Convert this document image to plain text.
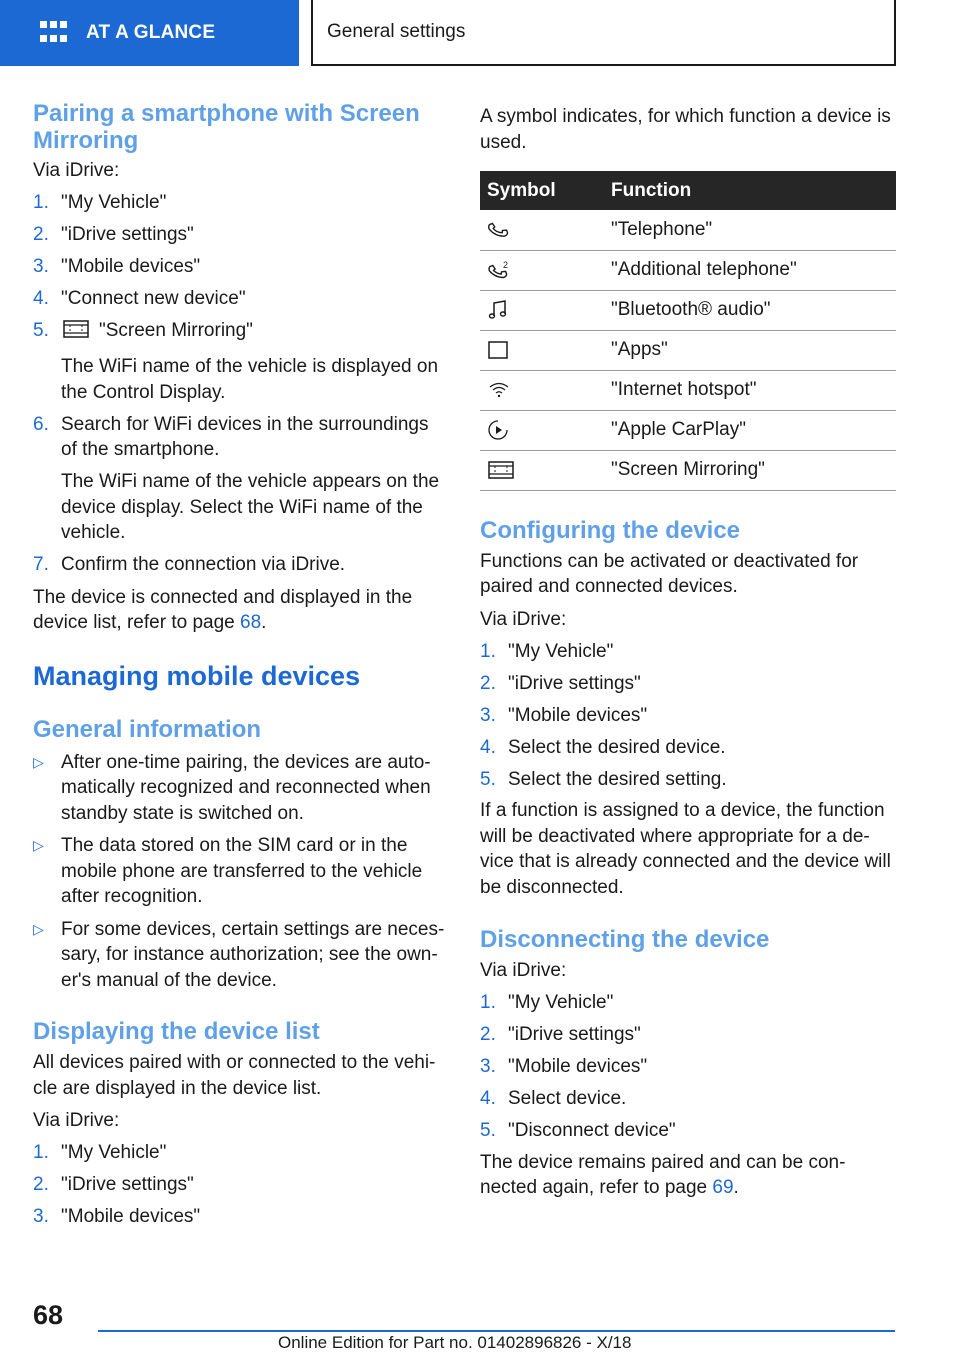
AT A GLANCE	General settings
Pairing a smartphone with Screen Mirroring

Via iDrive:

1. "My Vehicle"
2. "iDrive settings"
3. "Mobile devices"
4. "Connect new device"
5.	"Screen Mirroring"
The WiFi name of the vehicle is displayed on the Control Display.
6. Search for WiFi devices in the surroundings of the smartphone.
The WiFi name of the vehicle appears on the device display. Select the WiFi name of the vehicle.
7. Confirm the connection via iDrive.

The device is connected and displayed in the device list, refer to page 68.

Managing mobile devices
General information
▷ After one-time pairing, the devices are auto-matically recognized and reconnected when standby state is switched on.
▷ The data stored on the SIM card or in the mobile phone are transferred to the vehicle after recognition.
▷ For some devices, certain settings are neces-sary, for instance authorization; see the own-er's manual of the device.
Displaying the device list

All devices paired with or connected to the vehi-cle are displayed in the device list.

Via iDrive:

1. "My Vehicle"
2. "iDrive settings"
3. "Mobile devices"

A symbol indicates, for which function a device is used.

Symbol	Function

	"Telephone"

2	"Additional telephone"

	"Bluetooth® audio"

	"Apps"

	"Internet hotspot"

	"Apple CarPlay"

	"Screen Mirroring"
Configuring the device

Functions can be activated or deactivated for paired and connected devices.

Via iDrive:

1. "My Vehicle"
2. "iDrive settings"
3. "Mobile devices"
4. Select the desired device.
5. Select the desired setting.

If a function is assigned to a device, the function will be deactivated where appropriate for a de-vice that is already connected and the device will be disconnected.

Disconnecting the device

Via iDrive:

1. "My Vehicle"
2. "iDrive settings"
3. "Mobile devices"
4. Select device.
5. "Disconnect device"

The device remains paired and can be con-nected again, refer to page 69.

68
Online Edition for Part no. 01402896826 - X/18
